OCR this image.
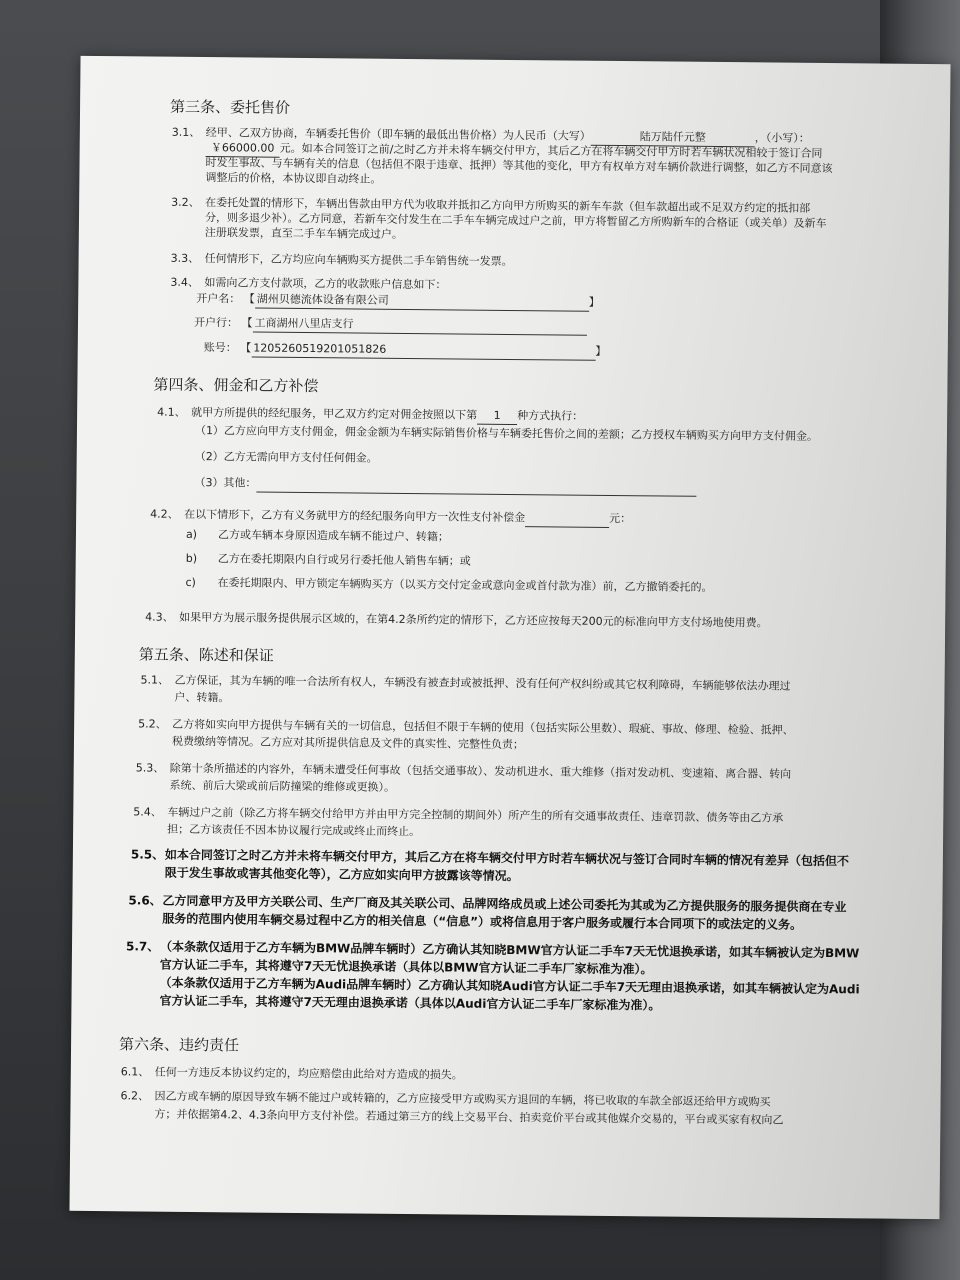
第三条、委托售价
3.1、 经甲、乙双方协商，车辆委托售价（即车辆的最低出售价格）为人民币（大写）	陆万陆仟元整	，（小写）：
￥66000.00 元。如本合同签订之前/之时乙方并未将车辆交付甲方，其后乙方在将车辆交付甲方时若车辆状况相较于签订合同
时发生事故、与车辆有关的信息（包括但不限于违章、抵押）等其他的变化，甲方有权单方对车辆价款进行调整，如乙方不同意该
调整后的价格，本协议即自动终止。
3.2、 在委托处置的情形下，车辆出售款由甲方代为收取并抵扣乙方向甲方所购买的新车车款（但车款超出或不足双方约定的抵扣部
分，则多退少补）。乙方同意，若新车交付发生在二手车车辆完成过户之前，甲方将暂留乙方所购新车的合格证（或关单）及新车
注册联发票，直至二手车车辆完成过户。
3.3、 任何情形下，乙方均应向车辆购买方提供二手车销售统一发票。
3.4、 如需向乙方支付款项，乙方的收款账户信息如下：
开户名： 【 湖州贝德流体设备有限公司	】
开户行： 【 工商湖州八里店支行
账号： 【 1205260519201051826	】
第四条、佣金和乙方补偿
4.1、 就甲方所提供的经纪服务，甲乙双方约定对佣金按照以下第 1 种方式执行：
（1）乙方应向甲方支付佣金，佣金金额为车辆实际销售价格与车辆委托售价之间的差额；乙方授权车辆购买方向甲方支付佣金。
（2）乙方无需向甲方支付任何佣金。
（3）其他：
4.2、 在以下情形下，乙方有义务就甲方的经纪服务向甲方一次性支付补偿金	元：
a) 乙方或车辆本身原因造成车辆不能过户、转籍；
b) 乙方在委托期限内自行或另行委托他人销售车辆；或
c) 在委托期限内、甲方锁定车辆购买方（以买方交付定金或意向金或首付款为准）前，乙方撤销委托的。
4.3、 如果甲方为展示服务提供展示区域的，在第4.2条所约定的情形下，乙方还应按每天200元的标准向甲方支付场地使用费。
第五条、陈述和保证
5.1、 乙方保证，其为车辆的唯一合法所有权人，车辆没有被查封或被抵押、没有任何产权纠纷或其它权利障碍，车辆能够依法办理过
户、转籍。
5.2、 乙方将如实向甲方提供与车辆有关的一切信息，包括但不限于车辆的使用（包括实际公里数）、瑕疵、事故、修理、检验、抵押、
税费缴纳等情况。乙方应对其所提供信息及文件的真实性、完整性负责；
5.3、 除第十条所描述的内容外，车辆未遭受任何事故（包括交通事故）、发动机进水、重大维修（指对发动机、变速箱、离合器、转向
系统、前后大梁或前后防撞梁的维修或更换）。
5.4、 车辆过户之前（除乙方将车辆交付给甲方并由甲方完全控制的期间外）所产生的所有交通事故责任、违章罚款、债务等由乙方承
担；乙方该责任不因本协议履行完成或终止而终止。
5.5、如本合同签订之时乙方并未将车辆交付甲方，其后乙方在将车辆交付甲方时若车辆状况与签订合同时车辆的情况有差异（包括但不
限于发生事故或害其他变化等），乙方应如实向甲方披露该等情况。
5.6、乙方同意甲方及甲方关联公司、生产厂商及其关联公司、品牌网络成员或上述公司委托为其或为乙方提供服务的服务提供商在专业
服务的范围内使用车辆交易过程中乙方的相关信息（“信息”）或将信息用于客户服务或履行本合同项下的或法定的义务。
5.7、（本条款仅适用于乙方车辆为BMW品牌车辆时）乙方确认其知晓BMW官方认证二手车7天无忧退换承诺，如其车辆被认定为BMW
官方认证二手车，其将遵守7天无忧退换承诺（具体以BMW官方认证二手车厂家标准为准）。
（本条款仅适用于乙方车辆为Audi品牌车辆时）乙方确认其知晓Audi官方认证二手车7天无理由退换承诺，如其车辆被认定为Audi
官方认证二手车，其将遵守7天无理由退换承诺（具体以Audi官方认证二手车厂家标准为准）。
第六条、违约责任
6.1、 任何一方违反本协议约定的，均应赔偿由此给对方造成的损失。
6.2、 因乙方或车辆的原因导致车辆不能过户或转籍的，乙方应接受甲方或购买方退回的车辆，将已收取的车款全部返还给甲方或购买
方；并依据第4.2、4.3条向甲方支付补偿。若通过第三方的线上交易平台、拍卖竞价平台或其他媒介交易的，平台或买家有权向乙
